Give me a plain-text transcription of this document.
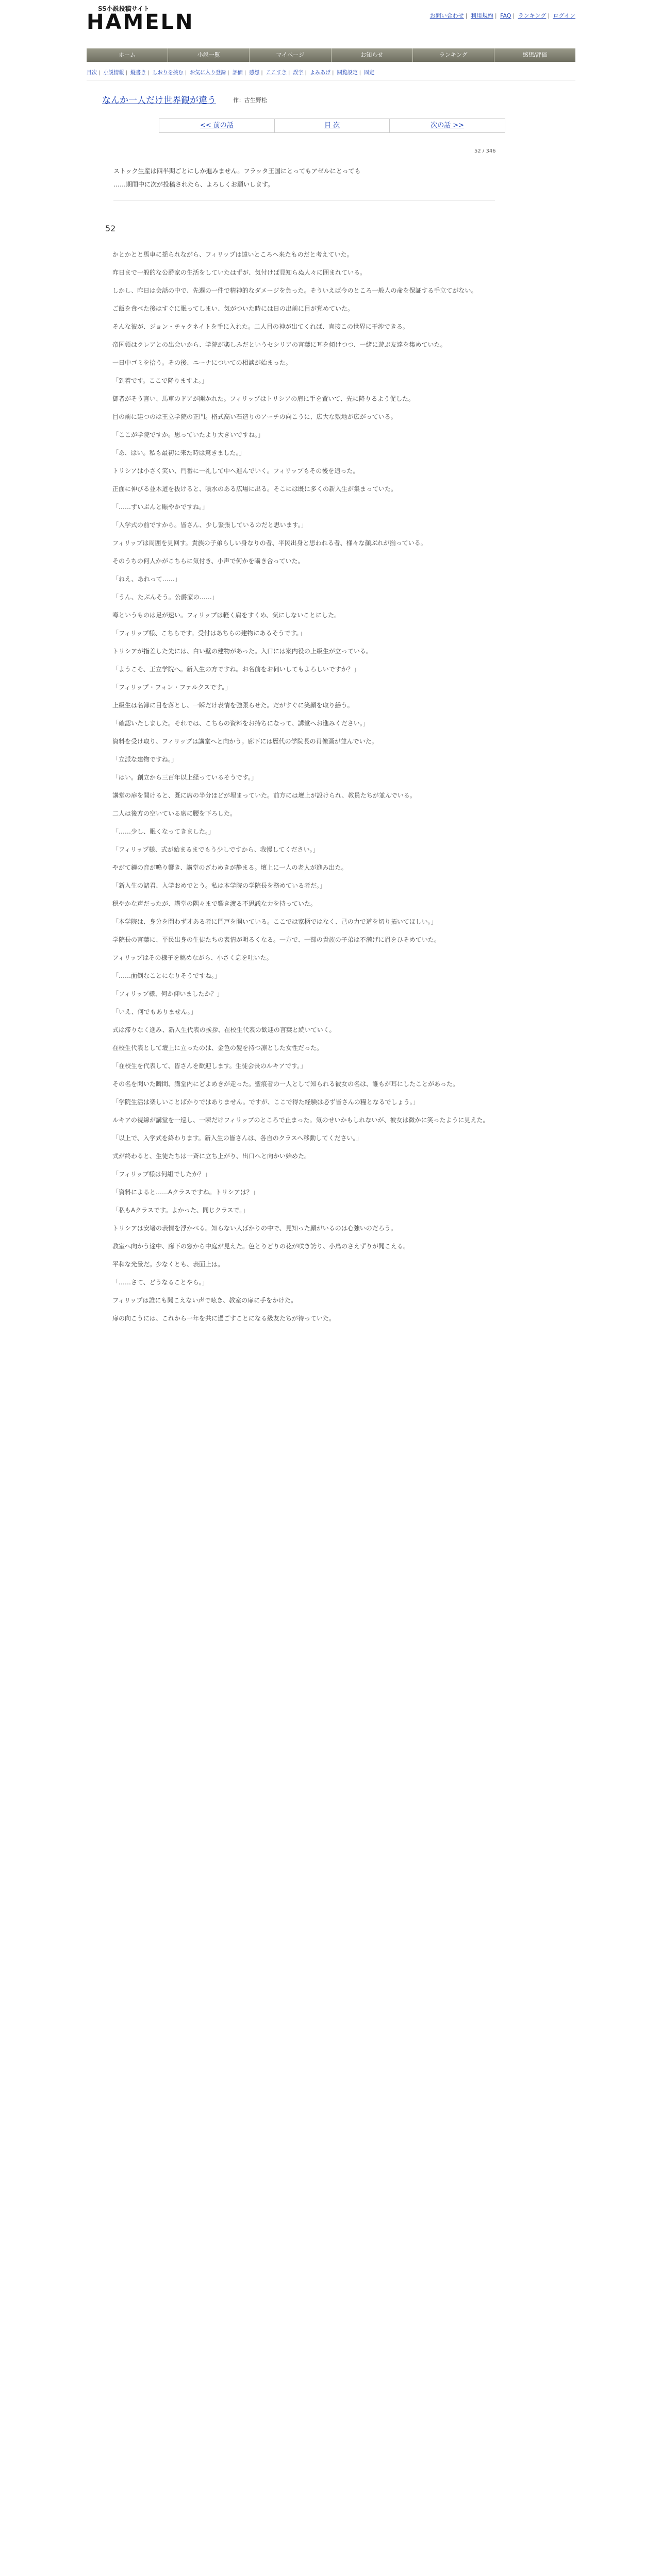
SS小説投稿サイト
HAMELN	お問い合わせ | 利用規約 | FAQ | ランキング | ログイン
ホーム	小説一覧	マイページ	お知らせ	ランキング	感想/評価
目次 | 小説情報 | 縦書き | しおりを挟む | お気に入り登録 | 評価 | 感想 | ここすき | 誤字 | よみあげ | 閲覧設定 | 固定
なんか一人だけ世界観が違う	作：古生野松
<< 前の話	目 次	次の話 >>
52 / 346

ストック生産は四半期ごとにしか進みません。フラッタ王国にとってもアゼルにとっても

……期間中に次が投稿されたら、よろしくお願いします。

52

かとかとと馬車に揺られながら、フィリップは遠いところへ来たものだと考えていた。

昨日まで一般的な公爵家の生活をしていたはずが、気付けば見知らぬ人々に囲まれている。

しかし、昨日は会話の中で、先週の一件で精神的なダメージを負った。そういえば今のところ一般人の命を保証する手立てがない。

ご飯を食べた後はすぐに眠ってしまい、気がついた時には日の出前に目が覚めていた。

そんな彼が、ジョン・チャクネイトを手に入れた。二人目の神が出てくれば、直接この世界に干渉できる。

帝国領はクレアとの出会いから、学院が楽しみだというセシリアの言葉に耳を傾けつつ、一緒に遊ぶ友達を集めていた。

一日中ゴミを拾う。その後、ニーナについての相談が始まった。

「到着です。ここで降りますよ。」

御者がそう言い、馬車のドアが開かれた。フィリップはトリシアの肩に手を置いて、先に降りるよう促した。

目の前に建つのは王立学院の正門。格式高い石造りのアーチの向こうに、広大な敷地が広がっている。

「ここが学院ですか。思っていたより大きいですね。」

「あ、はい。私も最初に来た時は驚きました。」

トリシアは小さく笑い、門番に一礼して中へ進んでいく。フィリップもその後を追った。

正面に伸びる並木道を抜けると、噴水のある広場に出る。そこには既に多くの新入生が集まっていた。

「……ずいぶんと賑やかですね。」

「入学式の前ですから。皆さん、少し緊張しているのだと思います。」

フィリップは周囲を見回す。貴族の子弟らしい身なりの者、平民出身と思われる者、様々な顔ぶれが揃っている。

そのうちの何人かがこちらに気付き、小声で何かを囁き合っていた。

「ねえ、あれって……」

「うん、たぶんそう。公爵家の……」

噂というものは足が速い。フィリップは軽く肩をすくめ、気にしないことにした。

「フィリップ様、こちらです。受付はあちらの建物にあるそうです。」

トリシアが指差した先には、白い壁の建物があった。入口には案内役の上級生が立っている。

「ようこそ、王立学院へ。新入生の方ですね。お名前をお伺いしてもよろしいですか？」

「フィリップ・フォン・ファルクスです。」

上級生は名簿に目を落とし、一瞬だけ表情を強張らせた。だがすぐに笑顔を取り繕う。

「確認いたしました。それでは、こちらの資料をお持ちになって、講堂へお進みください。」

資料を受け取り、フィリップは講堂へと向かう。廊下には歴代の学院長の肖像画が並んでいた。

「立派な建物ですね。」

「はい。創立から三百年以上経っているそうです。」

講堂の扉を開けると、既に席の半分ほどが埋まっていた。前方には壇上が設けられ、教員たちが並んでいる。

二人は後方の空いている席に腰を下ろした。

「……少し、眠くなってきました。」

「フィリップ様、式が始まるまでもう少しですから、我慢してください。」

やがて鐘の音が鳴り響き、講堂のざわめきが静まる。壇上に一人の老人が進み出た。

「新入生の諸君、入学おめでとう。私は本学院の学院長を務めている者だ。」

穏やかな声だったが、講堂の隅々まで響き渡る不思議な力を持っていた。

「本学院は、身分を問わず才ある者に門戸を開いている。ここでは家柄ではなく、己の力で道を切り拓いてほしい。」

学院長の言葉に、平民出身の生徒たちの表情が明るくなる。一方で、一部の貴族の子弟は不満げに眉をひそめていた。

フィリップはその様子を眺めながら、小さく息を吐いた。

「……面倒なことになりそうですね。」

「フィリップ様、何か仰いましたか？」

「いえ、何でもありません。」

式は滞りなく進み、新入生代表の挨拶、在校生代表の歓迎の言葉と続いていく。

在校生代表として壇上に立ったのは、金色の髪を持つ凛とした女性だった。

「在校生を代表して、皆さんを歓迎します。生徒会長のルキアです。」

その名を聞いた瞬間、講堂内にどよめきが走った。聖痕者の一人として知られる彼女の名は、誰もが耳にしたことがあった。

「学院生活は楽しいことばかりではありません。ですが、ここで得た経験は必ず皆さんの糧となるでしょう。」

ルキアの視線が講堂を一巡し、一瞬だけフィリップのところで止まった。気のせいかもしれないが、彼女は微かに笑ったように見えた。

「以上で、入学式を終わります。新入生の皆さんは、各自のクラスへ移動してください。」

式が終わると、生徒たちは一斉に立ち上がり、出口へと向かい始めた。

「フィリップ様は何組でしたか？」

「資料によると……Aクラスですね。トリシアは？」

「私もAクラスです。よかった、同じクラスで。」

トリシアは安堵の表情を浮かべる。知らない人ばかりの中で、見知った顔がいるのは心強いのだろう。

教室へ向かう途中、廊下の窓から中庭が見えた。色とりどりの花が咲き誇り、小鳥のさえずりが聞こえる。

平和な光景だ。少なくとも、表面上は。

「……さて、どうなることやら。」

フィリップは誰にも聞こえない声で呟き、教室の扉に手をかけた。

扉の向こうには、これから一年を共に過ごすことになる級友たちが待っていた。
